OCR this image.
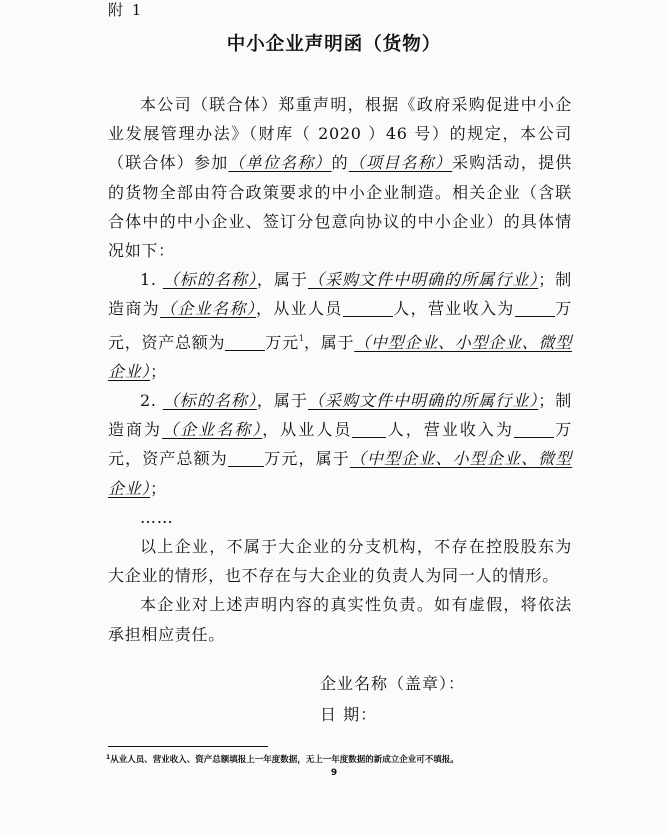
附 1
中小企业声明函（货物）

本公司（联合体）郑重声明，根据《政府采购促进中小企业发展管理办法》（财库（ 2020 ）46 号）的规定，本公司（联合体）参加（单位名称）的（项目名称）采购活动，提供的货物全部由符合政策要求的中小企业制造。相关企业（含联合体中的中小企业、签订分包意向协议的中小企业）的具体情况如下：

1. （标的名称），属于（采购文件中明确的所属行业）；制造商为（企业名称），从业人员	人，营业收入为	万元，资产总额为	万元$^1$，属于（中型企业、小型企业、微型企业）；

2. （标的名称），属于（采购文件中明确的所属行业）；制造商为（企业名称），从业人员 人，营业收入为	万元，资产总额为 万元，属于（中型企业、小型企业、微型企业）；

……

以上企业，不属于大企业的分支机构，不存在控股股东为大企业的情形，也不存在与大企业的负责人为同一人的情形。

本企业对上述声明内容的真实性负责。如有虚假，将依法承担相应责任。

企业名称（盖章）：
日 期：
$^1$从业人员、营业收入、资产总额填报上一年度数据，无上一年度数据的新成立企业可不填报。
9
